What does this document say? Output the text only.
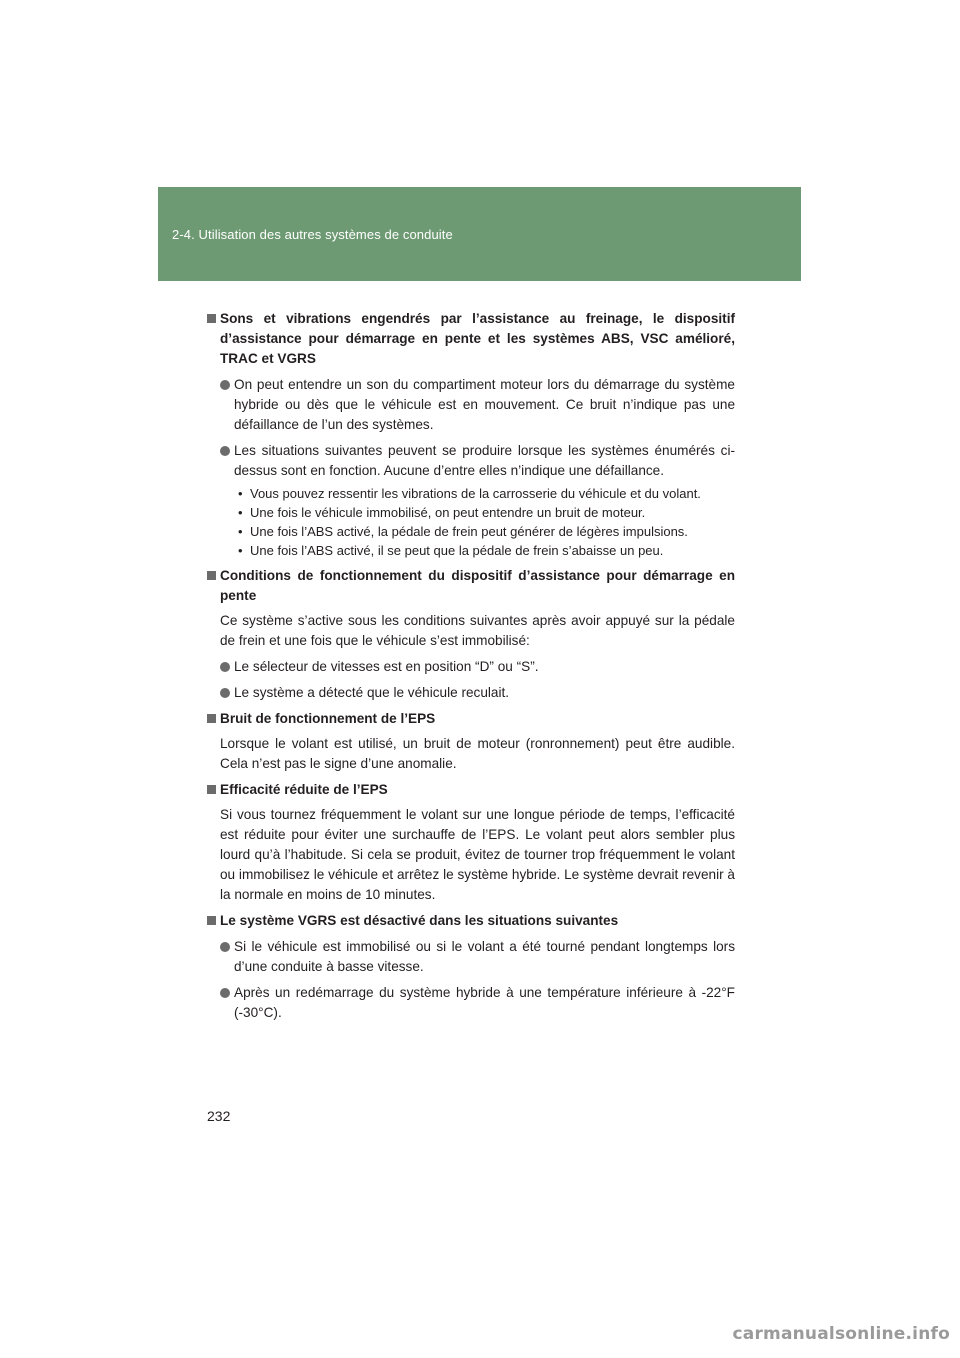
2-4. Utilisation des autres systèmes de conduite
Sons et vibrations engendrés par l’assistance au freinage, le dispositif d’assistance pour démarrage en pente et les systèmes ABS, VSC amélioré, TRAC et VGRS
On peut entendre un son du compartiment moteur lors du démarrage du système hybride ou dès que le véhicule est en mouvement. Ce bruit n’indique pas une défaillance de l’un des systèmes.
Les situations suivantes peuvent se produire lorsque les systèmes énumérés ci-dessus sont en fonction. Aucune d’entre elles n’indique une défaillance.
• Vous pouvez ressentir les vibrations de la carrosserie du véhicule et du volant.
• Une fois le véhicule immobilisé, on peut entendre un bruit de moteur.
• Une fois l’ABS activé, la pédale de frein peut générer de légères impulsions.
• Une fois l’ABS activé, il se peut que la pédale de frein s’abaisse un peu.
Conditions de fonctionnement du dispositif d’assistance pour démarrage en pente
Ce système s’active sous les conditions suivantes après avoir appuyé sur la pédale de frein et une fois que le véhicule s’est immobilisé:
Le sélecteur de vitesses est en position “D” ou “S”.
Le système a détecté que le véhicule reculait.
Bruit de fonctionnement de l’EPS
Lorsque le volant est utilisé, un bruit de moteur (ronronnement) peut être audible. Cela n’est pas le signe d’une anomalie.
Efficacité réduite de l’EPS
Si vous tournez fréquemment le volant sur une longue période de temps, l’efficacité est réduite pour éviter une surchauffe de l’EPS. Le volant peut alors sembler plus lourd qu’à l’habitude. Si cela se produit, évitez de tourner trop fréquemment le volant ou immobilisez le véhicule et arrêtez le système hybride. Le système devrait revenir à la normale en moins de 10 minutes.
Le système VGRS est désactivé dans les situations suivantes
Si le véhicule est immobilisé ou si le volant a été tourné pendant longtemps lors d’une conduite à basse vitesse.
Après un redémarrage du système hybride à une température inférieure à -22°F (-30°C).
232
carmanualsonline.info
